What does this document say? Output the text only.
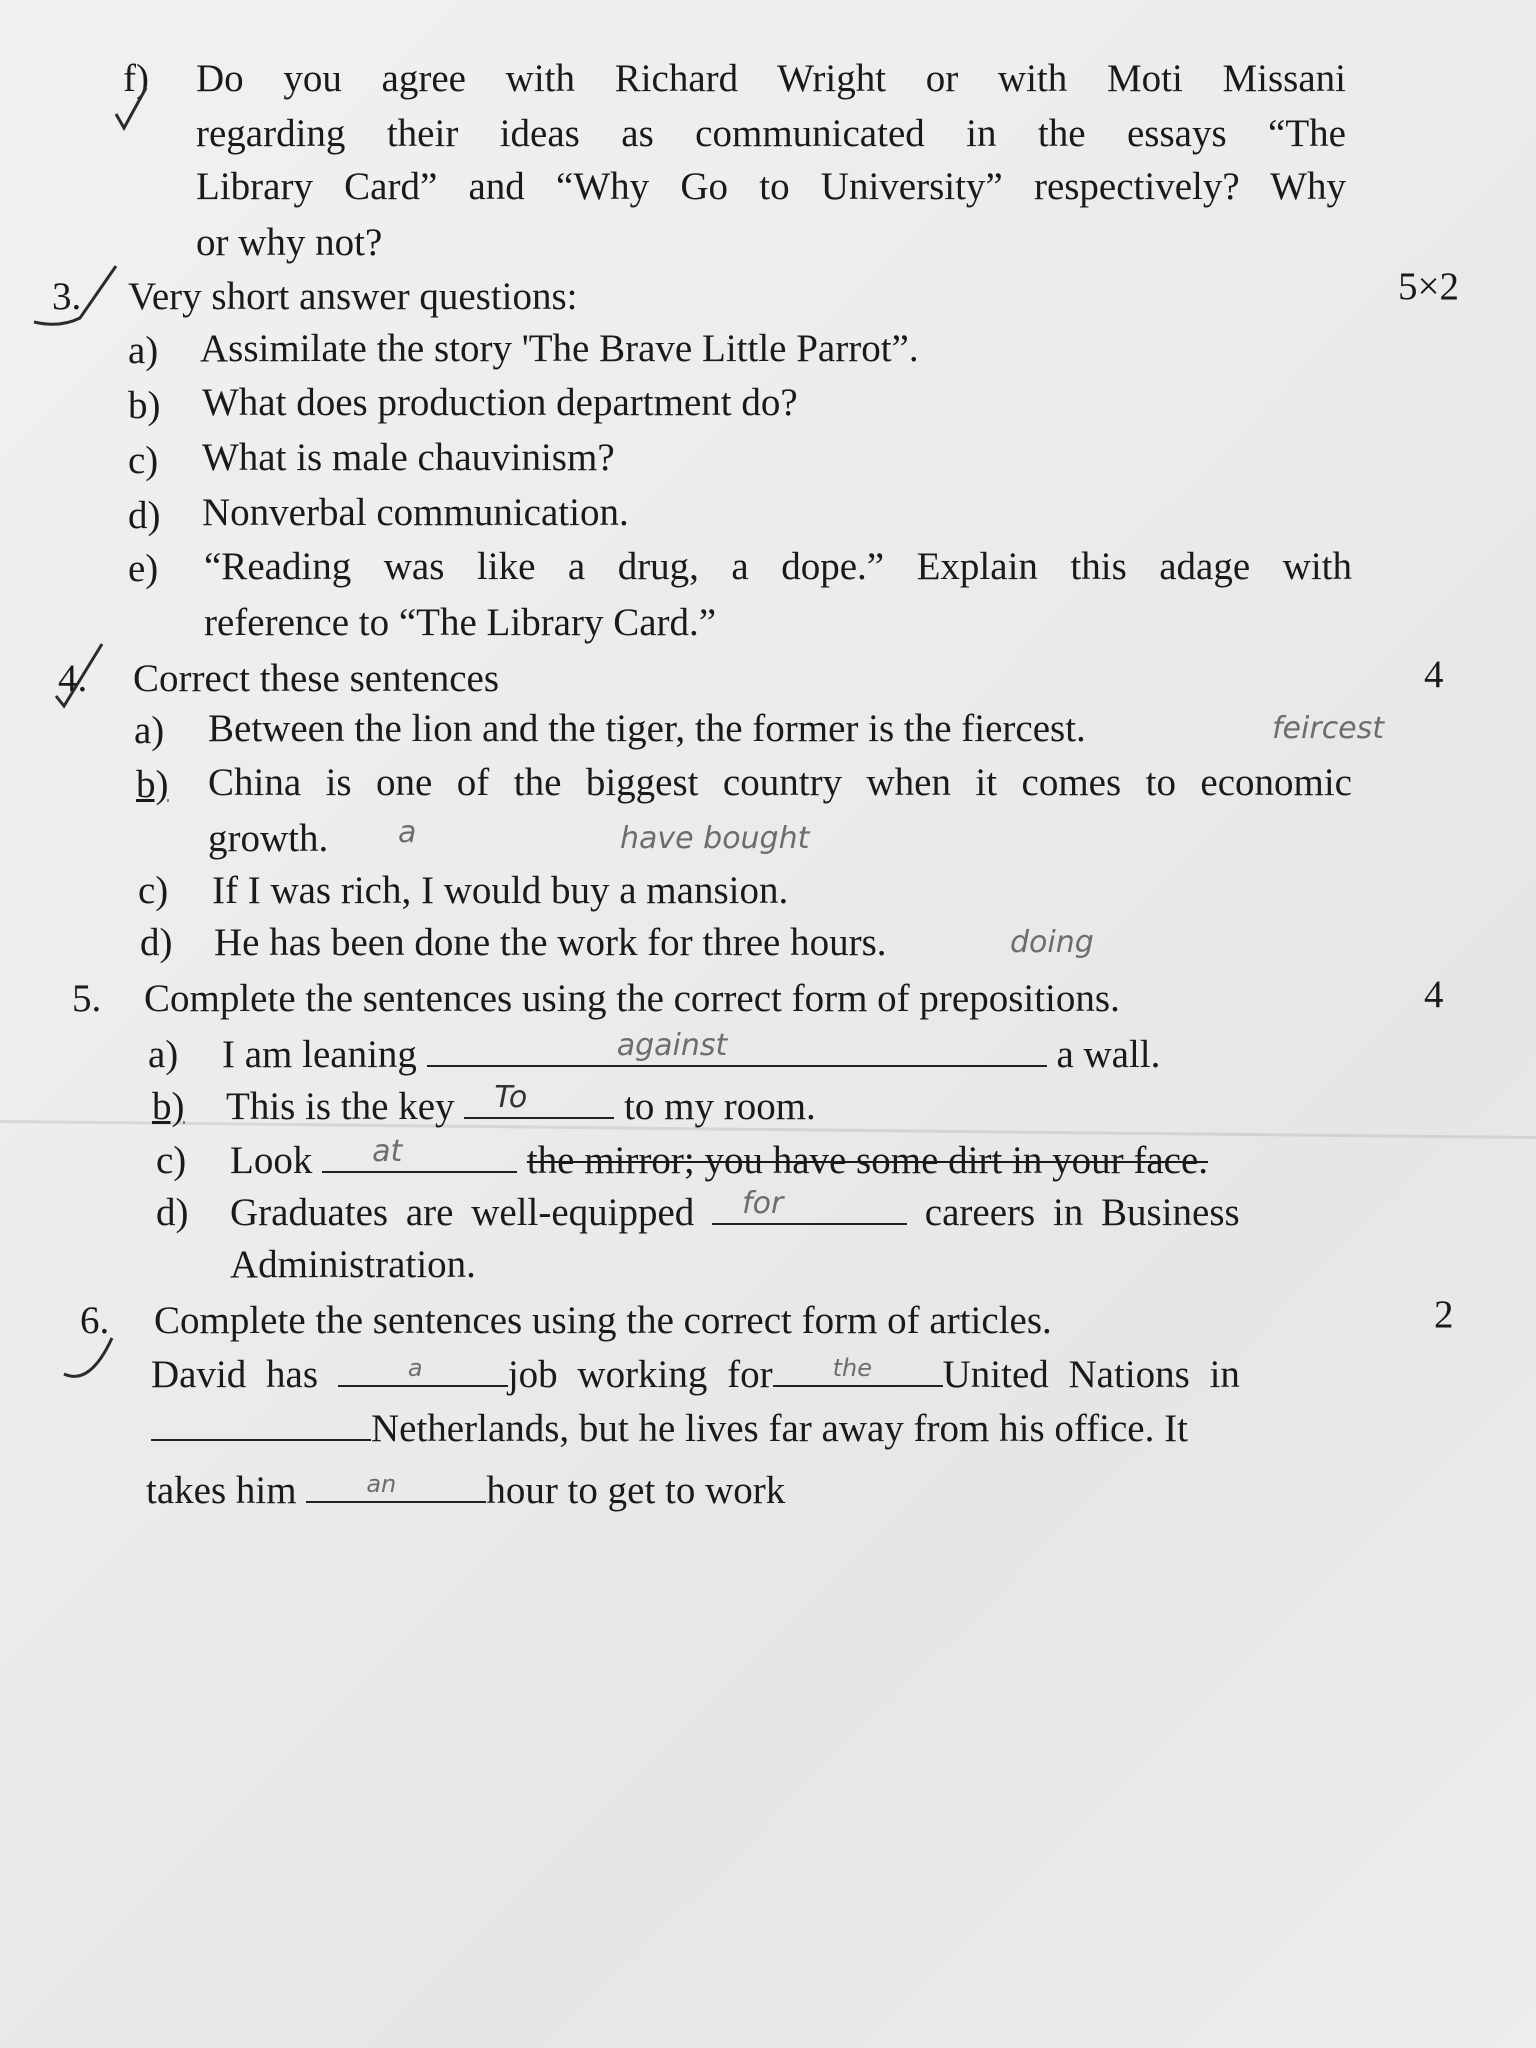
f) Do you agree with Richard Wright or with Moti Missani
regarding their ideas as communicated in the essays “The
Library Card” and “Why Go to University” respectively? Why
or why not?
3. Very short answer questions:	5×2
a) Assimilate the story 'The Brave Little Parrot”.
b) What does production department do?
c) What is male chauvinism?
d) Nonverbal communication.
e) “Reading was like a drug, a dope.” Explain this adage with
reference to “The Library Card.”
4. Correct these sentences	4
a) Between the lion and the tiger, the former is the fiercest.	feircest
b) China is one of the biggest country when it comes to economic
growth. a	have bought
c) If I was rich, I would buy a mansion.
d) He has been done the work for three hours.	doing
5. Complete the sentences using the correct form of prepositions.	4
a) I am leaning	against	a wall.
b) This is the key To to my room.
c) Look at	the mirror; you have some dirt in your face.
d) Graduates are well-equipped for	careers in Business
Administration.
6. Complete the sentences using the correct form of articles.	2
David has	a job working for	the United Nations in
Netherlands, but he lives far away from his office. It
takes him	an hour to get to work
